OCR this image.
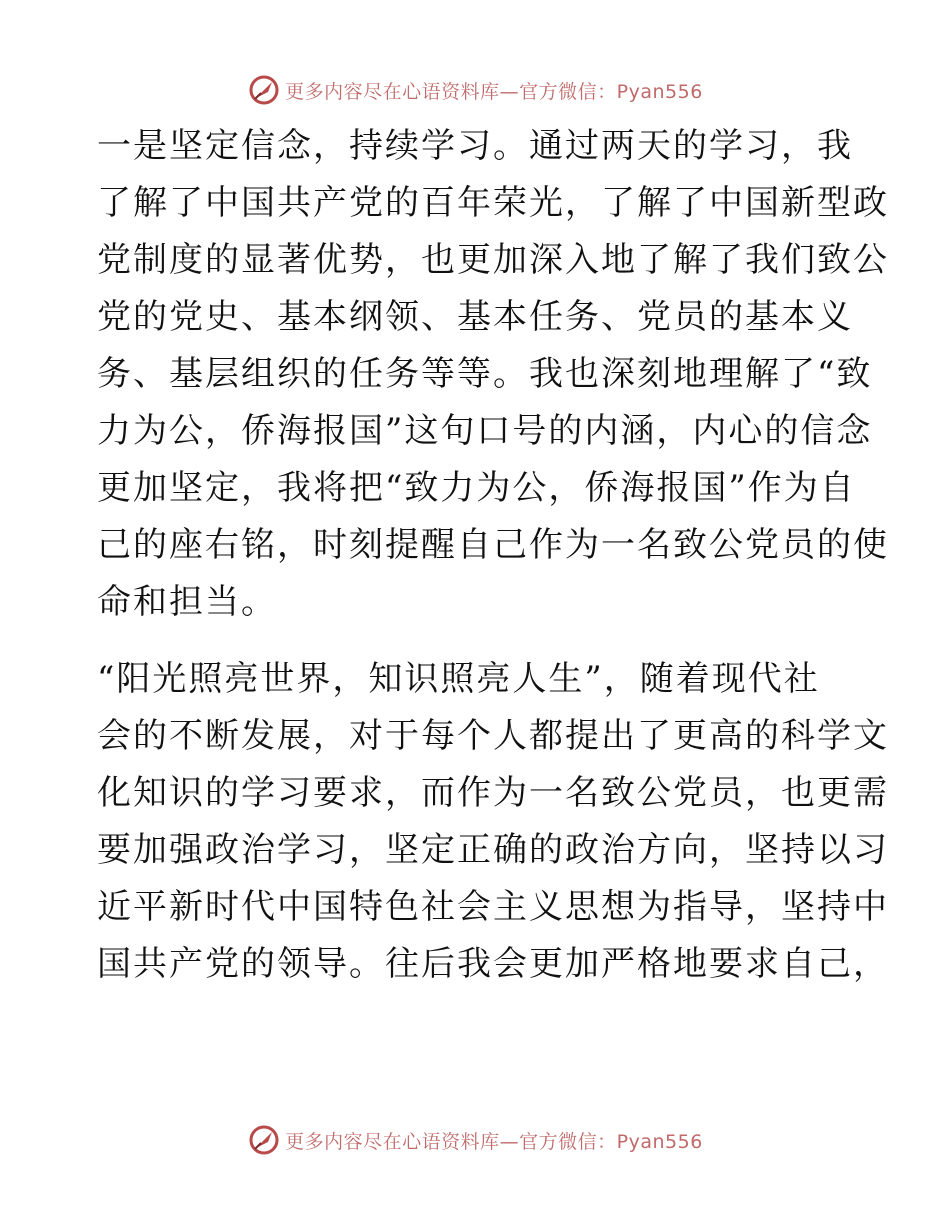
更多内容尽在心语资料库—官方微信：Pyan556
一是坚定信念，持续学习。通过两天的学习，我
了解了中国共产党的百年荣光，了解了中国新型政
党制度的显著优势，也更加深入地了解了我们致公
党的党史、基本纲领、基本任务、党员的基本义
务、基层组织的任务等等。我也深刻地理解了“致
力为公，侨海报国”这句口号的内涵，内心的信念
更加坚定，我将把“致力为公，侨海报国”作为自
己的座右铭，时刻提醒自己作为一名致公党员的使
命和担当。
“阳光照亮世界，知识照亮人生”，随着现代社
会的不断发展，对于每个人都提出了更高的科学文
化知识的学习要求，而作为一名致公党员，也更需
要加强政治学习，坚定正确的政治方向，坚持以习
近平新时代中国特色社会主义思想为指导，坚持中
国共产党的领导。往后我会更加严格地要求自己，
更多内容尽在心语资料库—官方微信：Pyan556
